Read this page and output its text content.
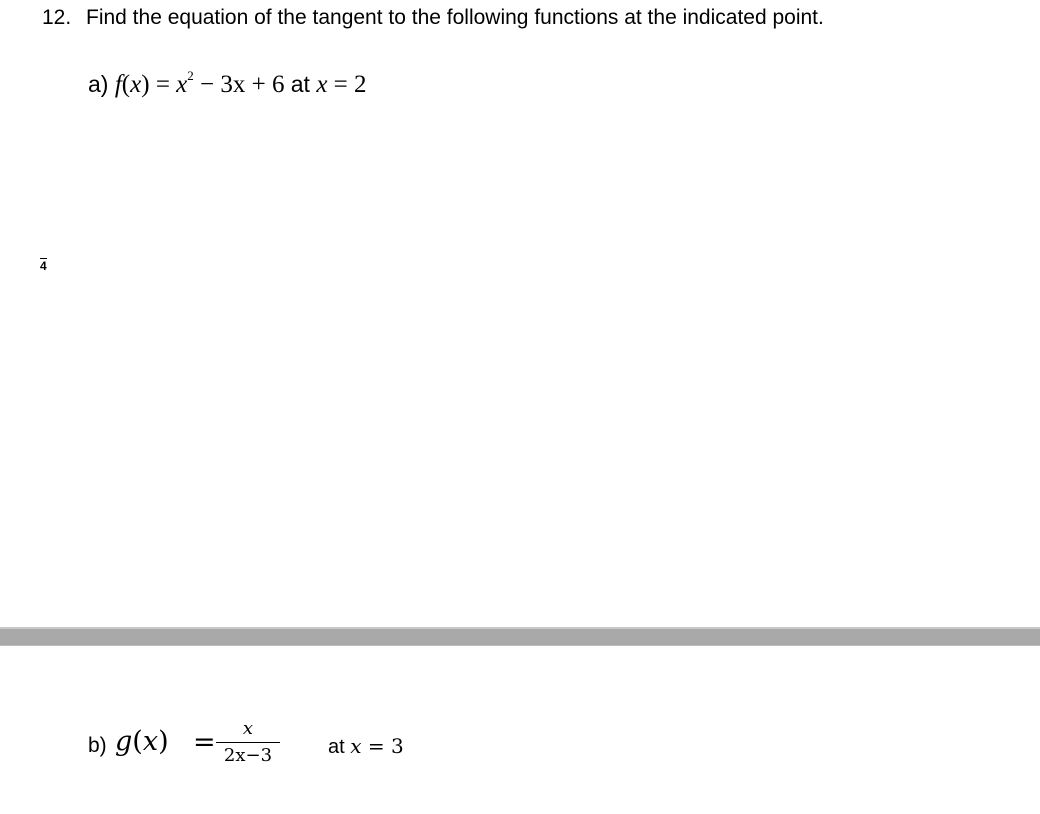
12. Find the equation of the tangent to the following functions at the indicated point.
a) $f(x) = x^2 - 3x + 6$ at x = 2
4
b) g(x) =	x
2x−3	at x = 3
